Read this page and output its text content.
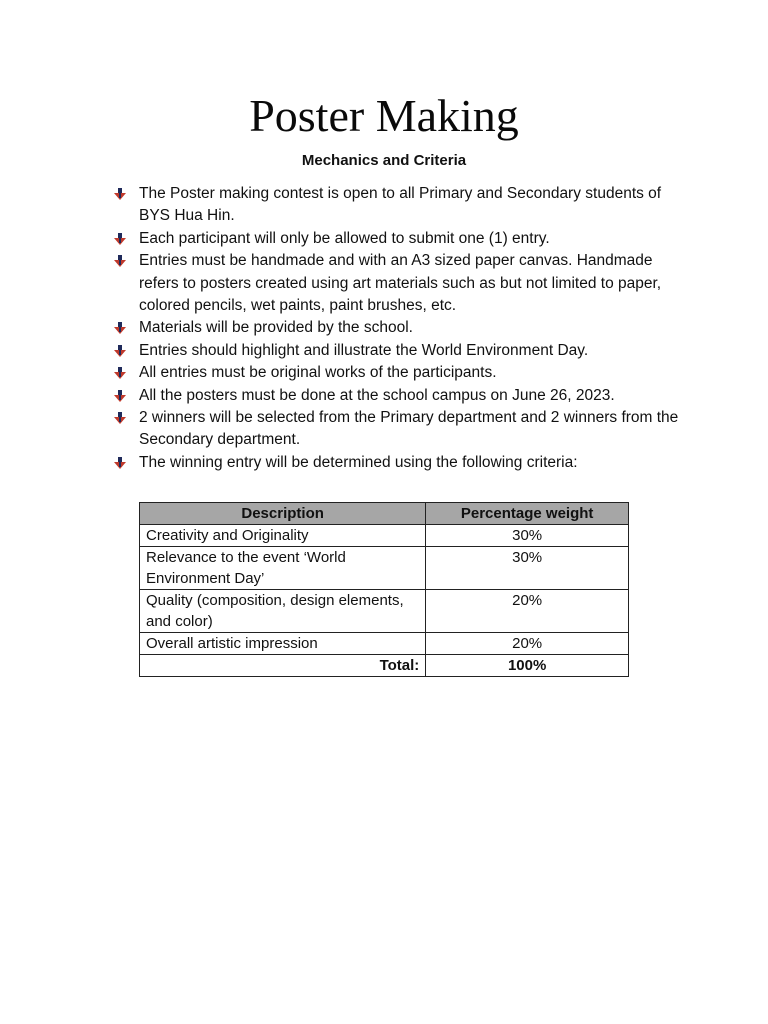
Poster Making
Mechanics and Criteria
The Poster making contest is open to all Primary and Secondary students of BYS Hua Hin.
Each participant will only be allowed to submit one (1) entry.
Entries must be handmade and with an A3 sized paper canvas. Handmade refers to posters created using art materials such as but not limited to paper, colored pencils, wet paints, paint brushes, etc.
Materials will be provided by the school.
Entries should highlight and illustrate the World Environment Day.
All entries must be original works of the participants.
All the posters must be done at the school campus on June 26, 2023.
2 winners will be selected from the Primary department and 2 winners from the Secondary department.
The winning entry will be determined using the following criteria:
Description	Percentage weight
Creativity and Originality	30%
Relevance to the event ‘World Environment Day’	30%
Quality (composition, design elements, and color)	20%
Overall artistic impression	20%
Total:	100%
